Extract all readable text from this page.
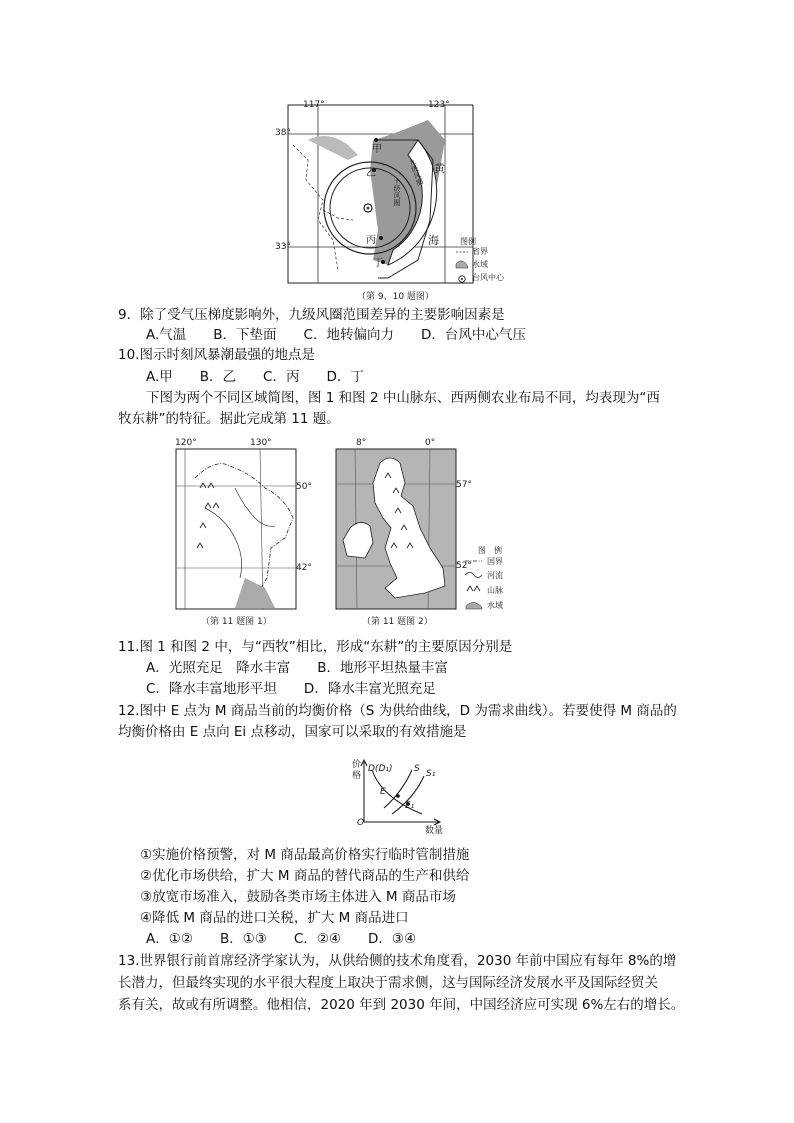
117°	123°
38°
33°
甲
乙
丙
丁
黄
海
九级风圈
十级风圈
图例
省界
水域
台风中心
（第 9、10 题图）
9．除了受气压梯度影响外，九级风圈范围差异的主要影响因素是
A.气温　　B．下垫面　　C．地转偏向力　　D．台风中心气压
10.图示时刻风暴潮最强的地点是
A.甲　　B．乙　　C．丙　　D．丁
下图为两个不同区域简图，图 1 和图 2 中山脉东、西两侧农业布局不同，均表现为“西
牧东耕”的特征。据此完成第 11 题。
120°	130°
50°
42°
（第 11 题图 1）
8°	0°
57°
52°
（第 11 题图 2）
图　例
国界
河流
山脉
水域
11.图 1 和图 2 中，与“西牧”相比，形成“东耕”的主要原因分别是
A．光照充足　降水丰富　　B．地形平坦热量丰富
C．降水丰富地形平坦　　D．降水丰富光照充足
12.图中 E 点为 M 商品当前的均衡价格（S 为供给曲线，D 为需求曲线）。若要使得 M 商品的
均衡价格由 E 点向 Ei 点移动，国家可以采取的有效措施是
价
格
D(D₁) S S₁
E
E₁
O
数量
①实施价格预警，对 M 商品最高价格实行临时管制措施
②优化市场供给，扩大 M 商品的替代商品的生产和供给
③放宽市场准入，鼓励各类市场主体进入 M 商品市场
④降低 M 商品的进口关税，扩大 M 商品进口
A．①②　　B．①③　　C．②④　　D．③④
13.世界银行前首席经济学家认为，从供给侧的技术角度看，2030 年前中国应有每年 8%的增
长潜力，但最终实现的水平很大程度上取决于需求侧，这与国际经济发展水平及国际经贸关
系有关，故或有所调整。他相信，2020 年到 2030 年间，中国经济应可实现 6%左右的增长。
